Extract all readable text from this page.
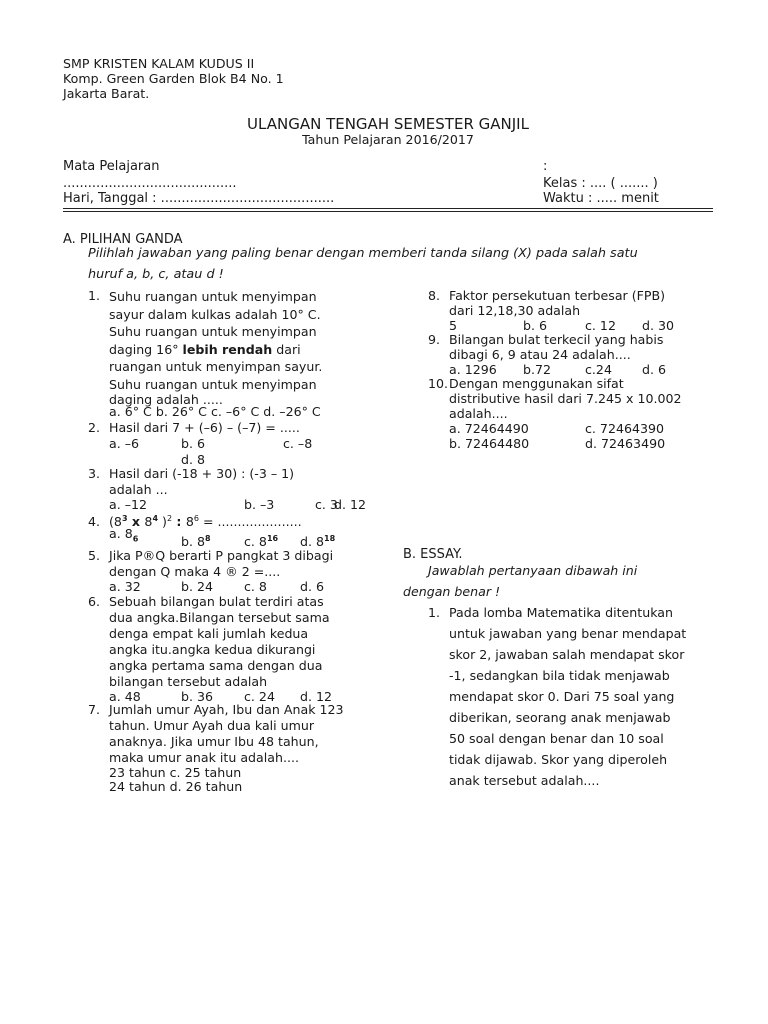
SMP KRISTEN KALAM KUDUS II
Komp. Green Garden Blok B4 No. 1
Jakarta Barat.
ULANGAN TENGAH SEMESTER GANJIL
Tahun Pelajaran 2016/2017
Mata Pelajaran	:
..........................................	Kelas : .... ( ....... )
Hari, Tanggal : ..........................................	Waktu : ..... menit
A. PILIHAN GANDA
Pilihlah jawaban yang paling benar dengan memberi tanda silang (X) pada salah satu
huruf a, b, c, atau d !
1. Suhu ruangan untuk menyimpan
sayur dalam kulkas adalah 10° C.
Suhu ruangan untuk menyimpan
daging 16° lebih rendah dari
ruangan untuk menyimpan sayur.
Suhu ruangan untuk menyimpan
daging adalah .....
a. 6° C b. 26° C c. –6° C d. –26° C
2. Hasil dari 7 + (–6) – (–7) = .....
a. –6	b. 6	c. –8
d. 8
3. Hasil dari (-18 + 30) : (-3 – 1)
adalah ...
a. –12	b. –3	c. 3
d. 12
4. ($8^3$ x $8^4$ )$^2$ : $8^6$ = .....................
a. $8_6$	b. $8^8$	c. $8^{16}$ d. $8^{18}$
5. Jika P®Q berarti P pangkat 3 dibagi
dengan Q maka 4 ® 2 =....
a. 32	b. 24 c. 8	d. 6
6. Sebuah bilangan bulat terdiri atas
dua angka.Bilangan tersebut sama
denga empat kali jumlah kedua
angka itu.angka kedua dikurangi
angka pertama sama dengan dua
bilangan tersebut adalah
a. 48	b. 36 c. 24 d. 12
7. Jumlah umur Ayah, Ibu dan Anak 123
tahun. Umur Ayah dua kali umur
anaknya. Jika umur Ibu 48 tahun,
maka umur anak itu adalah....
23 tahun c. 25 tahun
24 tahun d. 26 tahun
8. Faktor persekutuan terbesar (FPB)
dari 12,18,30 adalah
5	b. 6	c. 12 d. 30
9. Bilangan bulat terkecil yang habis
dibagi 6, 9 atau 24 adalah....
a. 1296 b.72	c.24 d. 6
10. Dengan menggunakan sifat
distributive hasil dari 7.245 x 10.002
adalah....
a. 72464490	c. 72464390
b. 72464480	d. 72463490
B. ESSAY.
Jawablah pertanyaan dibawah ini
dengan benar !
1. Pada lomba Matematika ditentukan
untuk jawaban yang benar mendapat
skor 2, jawaban salah mendapat skor
-1, sedangkan bila tidak menjawab
mendapat skor 0. Dari 75 soal yang
diberikan, seorang anak menjawab
50 soal dengan benar dan 10 soal
tidak dijawab. Skor yang diperoleh
anak tersebut adalah....
